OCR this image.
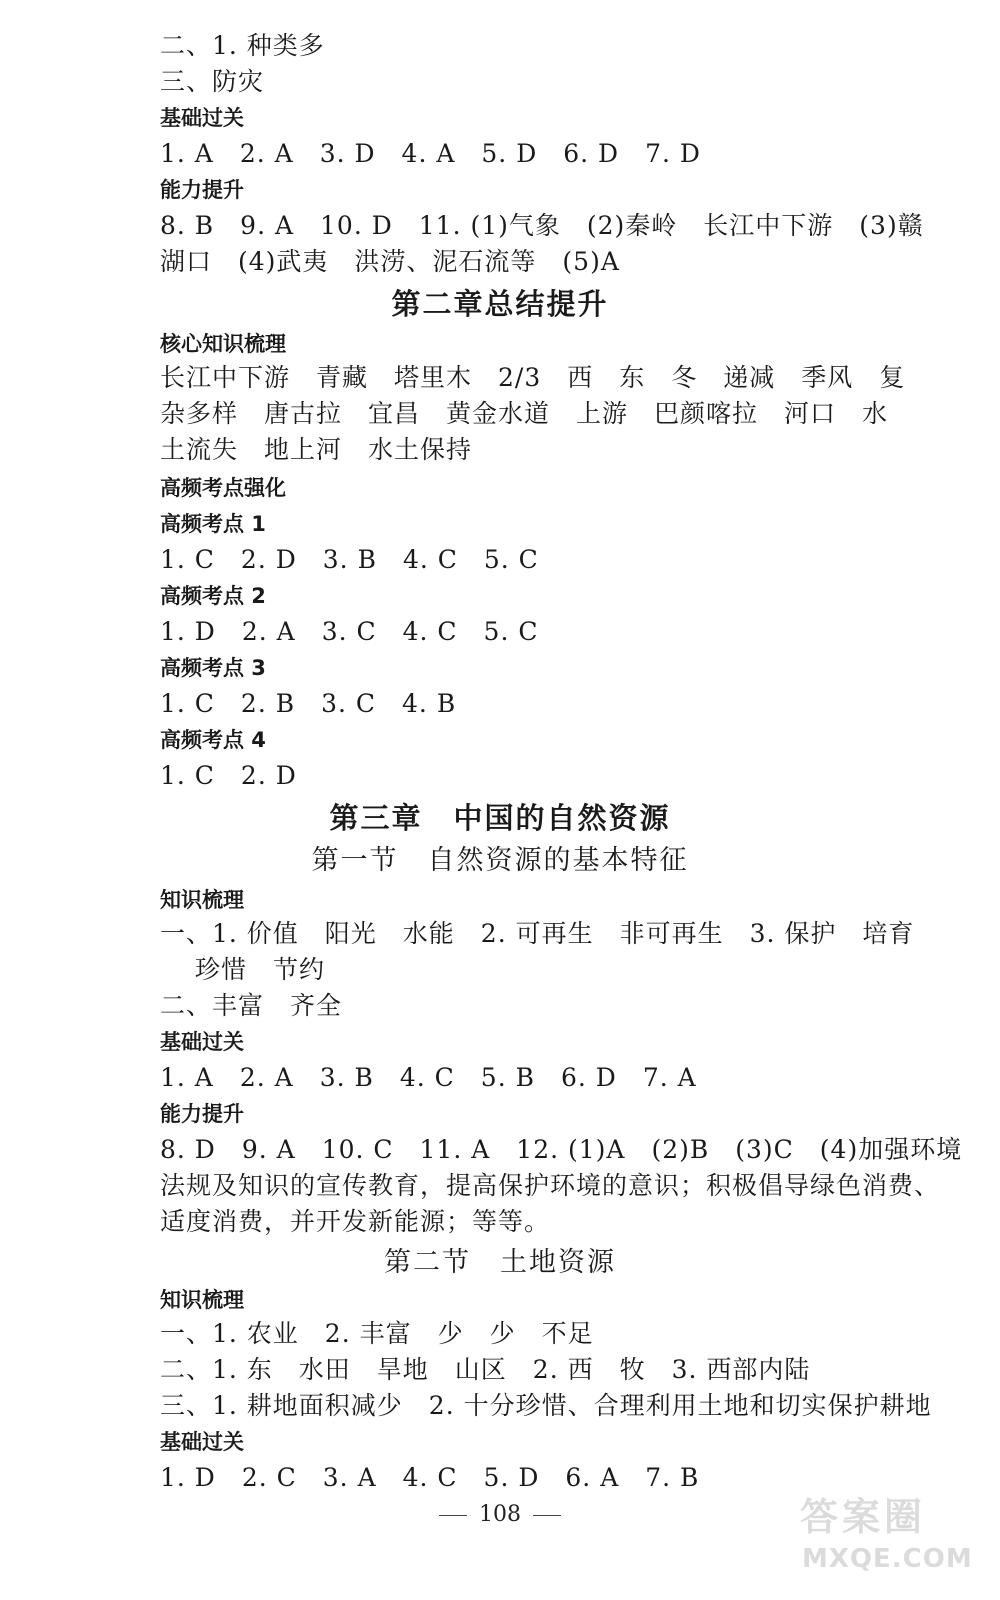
二、1. 种类多
三、防灾
基础过关
1. A　2. A　3. D　4. A　5. D　6. D　7. D
能力提升
8. B　9. A　10. D　11. (1)气象　(2)秦岭　长江中下游　(3)赣
湖口　(4)武夷　洪涝、泥石流等　(5)A
第二章总结提升
核心知识梳理
长江中下游　青藏　塔里木　2/3　西　东　冬　递减　季风　复
杂多样　唐古拉　宜昌　黄金水道　上游　巴颜喀拉　河口　水
土流失　地上河　水土保持
高频考点强化
高频考点 1
1. C　2. D　3. B　4. C　5. C
高频考点 2
1. D　2. A　3. C　4. C　5. C
高频考点 3
1. C　2. B　3. C　4. B
高频考点 4
1. C　2. D
第三章　中国的自然资源
第一节　自然资源的基本特征
知识梳理
一、1. 价值　阳光　水能　2. 可再生　非可再生　3. 保护　培育
珍惜　节约
二、丰富　齐全
基础过关
1. A　2. A　3. B　4. C　5. B　6. D　7. A
能力提升
8. D　9. A　10. C　11. A　12. (1)A　(2)B　(3)C　(4)加强环境
法规及知识的宣传教育，提高保护环境的意识；积极倡导绿色消费、
适度消费，并开发新能源；等等。
第二节　土地资源
知识梳理
一、1. 农业　2. 丰富　少　少　不足
二、1. 东　水田　旱地　山区　2. 西　牧　3. 西部内陆
三、1. 耕地面积减少　2. 十分珍惜、合理利用土地和切实保护耕地
基础过关
1. D　2. C　3. A　4. C　5. D　6. A　7. B
108	答案圈
MXQE.COM
